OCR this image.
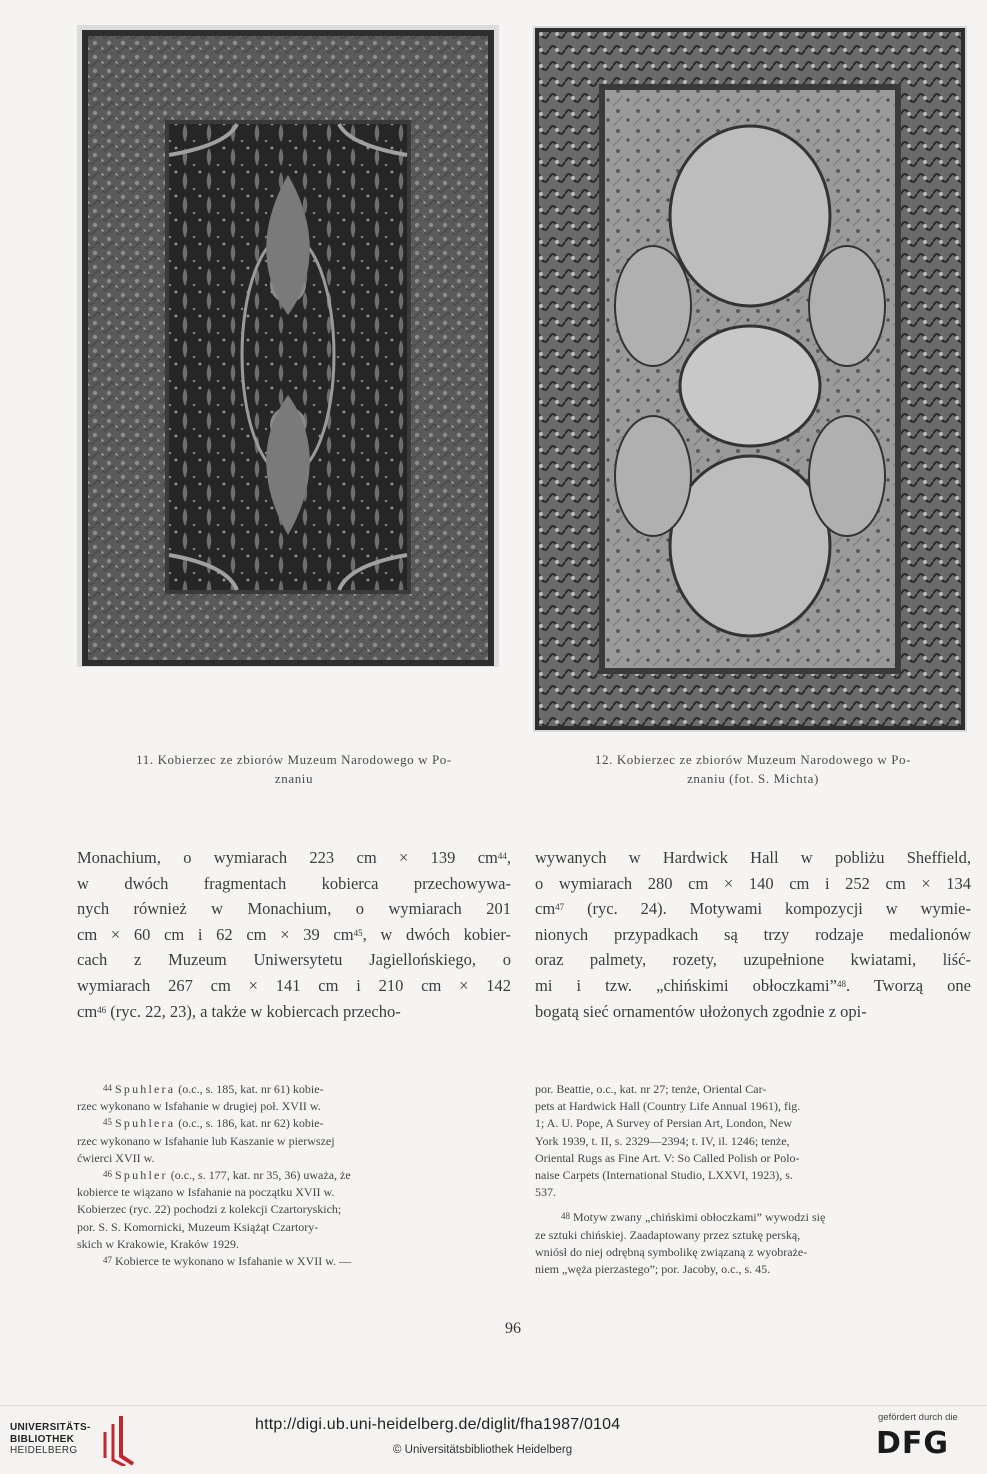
11. Kobierzec ze zbiorów Muzeum Narodowego w Po-
znaniu
12. Kobierzec ze zbiorów Muzeum Narodowego w Po-
znaniu (fot. S. Michta)
Monachium, o wymiarach 223 cm × 139 $cm^{44}$,
w dwóch fragmentach kobierca przechowywa-
nych również w Monachium, o wymiarach 201
cm × 60 cm i 62 cm × 39 $cm^{45}$, w dwóch kobier-
cach z Muzeum Uniwersytetu Jagiellońskiego, o
wymiarach 267 cm × 141 cm i 210 cm × 142
$cm^{46}$ (ryc. 22, 23), a także w kobiercach przecho-
wywanych w Hardwick Hall w pobliżu Sheffield,
o wymiarach 280 cm × 140 cm i 252 cm × 134
$cm^{47}$ (ryc. 24). Motywami kompozycji w wymie-
nionych przypadkach są trzy rodzaje medalionów
oraz palmety, rozety, uzupełnione kwiatami, liść-
mi i tzw. „chińskimi obłoczkami”$^{48}$. Tworzą one
bogatą sieć ornamentów ułożonych zgodnie z opi-
$^{44}$ Spuhlera (o.c., s. 185, kat. nr 61) kobie-
rzec wykonano w Isfahanie w drugiej poł. XVII w.
$^{45}$ Spuhlera (o.c., s. 186, kat. nr 62) kobie-
rzec wykonano w Isfahanie lub Kaszanie w pierwszej
ćwierci XVII w.
$^{46}$ Spuhler (o.c., s. 177, kat. nr 35, 36) uważa, że
kobierce te wiązano w Isfahanie na początku XVII w.
Kobierzec (ryc. 22) pochodzi z kolekcji Czartoryskich;
por. S. S. Komornicki, Muzeum Książąt Czartory-
skich w Krakowie, Kraków 1929.
$^{47}$ Kobierce te wykonano w Isfahanie w XVII w. —
por. Beattie, o.c., kat. nr 27; tenże, Oriental Car-
pets at Hardwick Hall (Country Life Annual 1961), fig.
1; A. U. Pope, A Survey of Persian Art, London, New
York 1939, t. II, s. 2329—2394; t. IV, il. 1246; tenże,
Oriental Rugs as Fine Art. V: So Called Polish or Polo-
naise Carpets (International Studio, LXXVI, 1923), s.
537.
$^{48}$ Motyw zwany „chińskimi obłoczkami” wywodzi się
ze sztuki chińskiej. Zaadaptowany przez sztukę perską,
wniósł do niej odrębną symbolikę związaną z wyobraże-
niem „węża pierzastego”; por. Jacoby, o.c., s. 45.
96
UNIVERSITÄTS-
BIBLIOTHEK
HEIDELBERG
http://digi.ub.uni-heidelberg.de/diglit/fha1987/0104
© Universitätsbibliothek Heidelberg
gefördert durch die
DFG
